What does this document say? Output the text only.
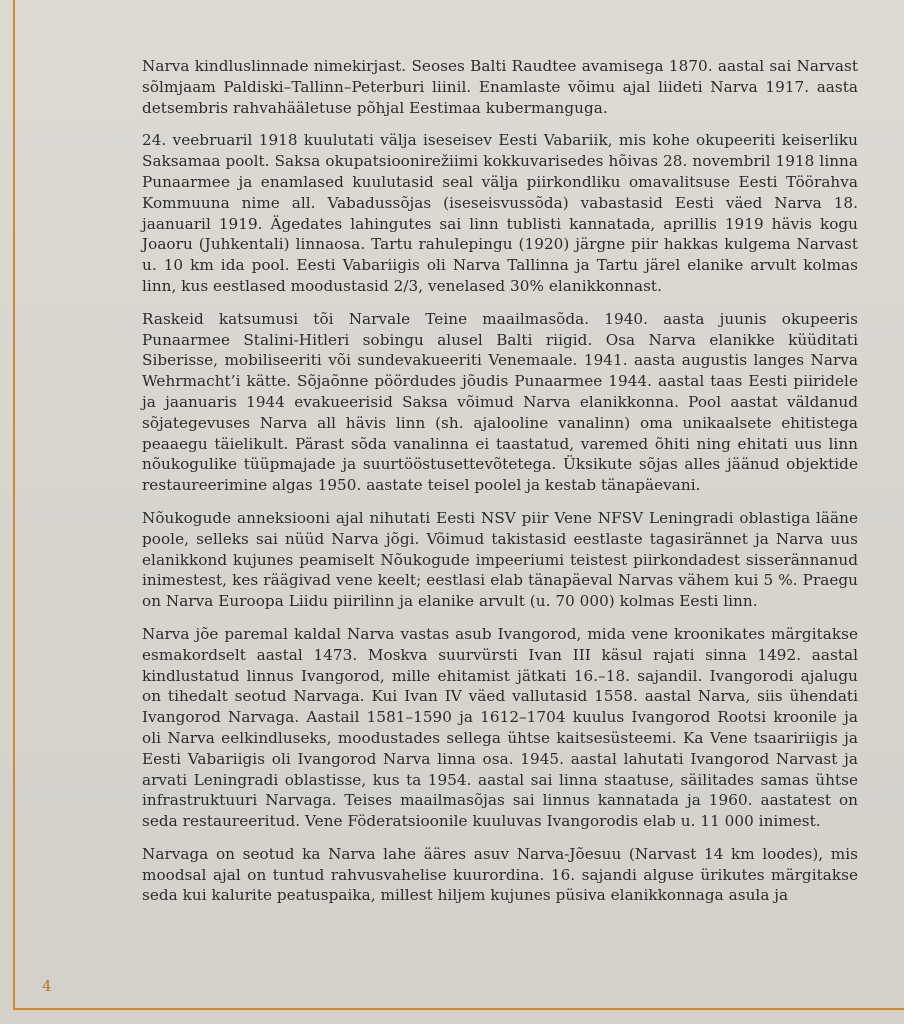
Narva kindluslinnade nimekirjast. Seoses Balti Raudtee avamisega 1870. aastal sai Narvast sõlmjaam Paldiski–Tallinn–Peterburi liinil. Enamlaste võimu ajal liideti Narva 1917. aasta detsembris rahvahääletuse põhjal Eestimaa kubermanguga.

24. veebruaril 1918 kuulutati välja iseseisev Eesti Vabariik, mis kohe okupeeriti keiserliku Saksamaa poolt. Saksa okupatsioonirežiimi kokkuvarisedes hõivas 28. novembril 1918 linna Punaarmee ja enamlased kuulutasid seal välja piirkondliku omavalitsuse Eesti Töörahva Kommuuna nime all. Vabadussõjas (iseseisvussõda) vabastasid Eesti väed Narva 18. jaanuaril 1919. Ägedates lahingutes sai linn tublisti kannatada, aprillis 1919 hävis kogu Joaoru (Juhkentali) linnaosa. Tartu rahulepingu (1920) järgne piir hakkas kulgema Narvast u. 10 km ida pool. Eesti Vabariigis oli Narva Tallinna ja Tartu järel elanike arvult kolmas linn, kus eestlased moodustasid 2/3, venelased 30% elanikkonnast.

Raskeid katsumusi tõi Narvale Teine maailmasõda. 1940. aasta juunis okupeeris Punaarmee Stalini-Hitleri sobingu alusel Balti riigid. Osa Narva elanikke küüditati Siberisse, mobiliseeriti või sundevakueeriti Venemaale. 1941. aasta augustis langes Narva Wehrmacht’i kätte. Sõjaõnne pöördudes jõudis Punaarmee 1944. aastal taas Eesti piiridele ja jaanuaris 1944 evakueerisid Saksa võimud Narva elanikkonna. Pool aastat väldanud sõjategevuses Narva all hävis linn (sh. ajalooline vanalinn) oma unikaalsete ehitistega peaaegu täielikult. Pärast sõda vanalinna ei taastatud, varemed õhiti ning ehitati uus linn nõukogulike tüüpmajade ja suurtööstusettevõtetega. Üksikute sõjas alles jäänud objektide restaureerimine algas 1950. aastate teisel poolel ja kestab tänapäevani.

Nõukogude anneksiooni ajal nihutati Eesti NSV piir Vene NFSV Leningradi oblastiga lääne poole, selleks sai nüüd Narva jõgi. Võimud takistasid eestlaste tagasirännet ja Narva uus elanikkond kujunes peamiselt Nõukogude impeeriumi teistest piirkondadest sisserännanud inimestest, kes räägivad vene keelt; eestlasi elab tänapäeval Narvas vähem kui 5 %. Praegu on Narva Euroopa Liidu piirilinn ja elanike arvult (u. 70 000) kolmas Eesti linn.

Narva jõe paremal kaldal Narva vastas asub Ivangorod, mida vene kroonikates märgitakse esmakordselt aastal 1473. Moskva suurvürsti Ivan III käsul rajati sinna 1492. aastal kindlustatud linnus Ivangorod, mille ehitamist jätkati 16.–18. sajandil. Ivangorodi ajalugu on tihedalt seotud Narvaga. Kui Ivan IV väed vallutasid 1558. aastal Narva, siis ühendati Ivangorod Narvaga. Aastail 1581–1590 ja 1612–1704 kuulus Ivangorod Rootsi kroonile ja oli Narva eelkindluseks, moodustades sellega ühtse kaitsesüsteemi. Ka Vene tsaaririigis ja Eesti Vabariigis oli Ivangorod Narva linna osa. 1945. aastal lahutati Ivangorod Narvast ja arvati Leningradi oblastisse, kus ta 1954. aastal sai linna staatuse, säilitades samas ühtse infrastruktuuri Narvaga. Teises maailmasõjas sai linnus kannatada ja 1960. aastatest on seda restaureeritud. Vene Föderatsioonile kuuluvas Ivangorodis elab u. 11 000 inimest.

Narvaga on seotud ka Narva lahe ääres asuv Narva-Jõesuu (Narvast 14 km loodes), mis moodsal ajal on tuntud rahvusvahelise kuurordina. 16. sajandi alguse ürikutes märgitakse seda kui kalurite peatuspaika, millest hiljem kujunes püsiva elanikkonnaga asula ja

4
